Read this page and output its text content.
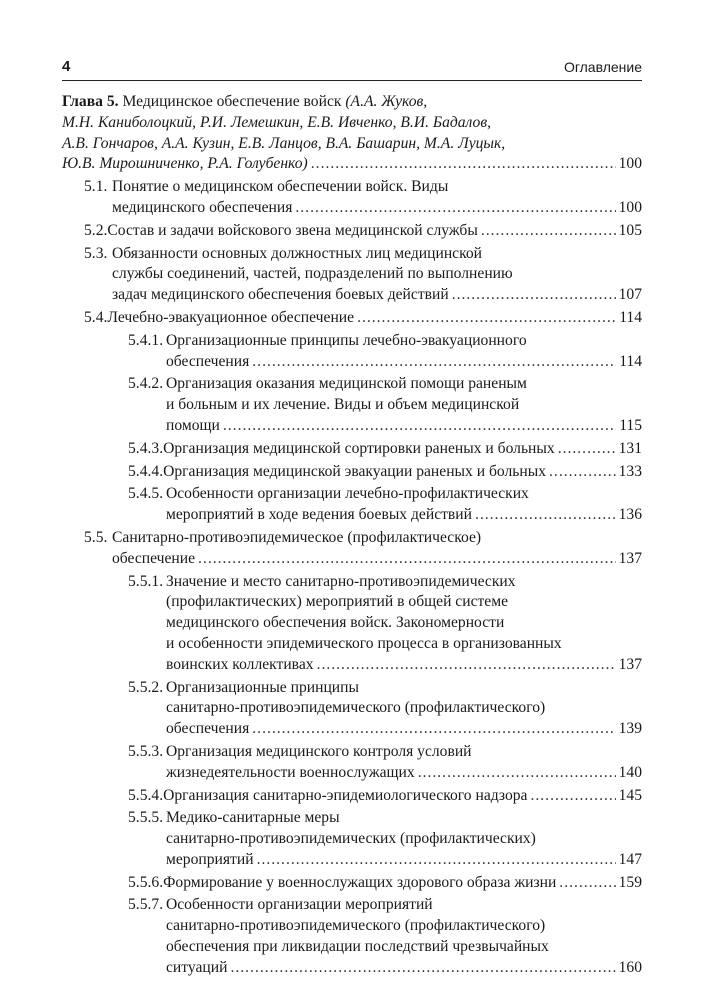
4	Оглавление
Глава 5. Медицинское обеспечение войск (А.А. Жуков,
М.Н. Каниболоцкий, Р.И. Лемешкин, Е.В. Ивченко, В.И. Бадалов,
А.В. Гончаров, А.А. Кузин, Е.В. Ланцов, В.А. Башарин, М.А. Луцык,
Ю.В. Мирошниченко, Р.А. Голубенко) .....	100
5.1. Понятие о медицинском обеспечении войск. Виды
медицинского обеспечения .....	100
5.2. Состав и задачи войскового звена медицинской службы .....	105
5.3. Обязанности основных должностных лиц медицинской
службы соединений, частей, подразделений по выполнению
задач медицинского обеспечения боевых действий .....	107
5.4. Лечебно-эвакуационное обеспечение .....	114
5.4.1. Организационные принципы лечебно-эвакуационного
обеспечения .....	114
5.4.2. Организация оказания медицинской помощи раненым
и больным и их лечение. Виды и объем медицинской
помощи .....	115
5.4.3. Организация медицинской сортировки раненых и больных .....	131
5.4.4. Организация медицинской эвакуации раненых и больных .....	133
5.4.5. Особенности организации лечебно-профилактических
мероприятий в ходе ведения боевых действий .....	136
5.5. Санитарно-противоэпидемическое (профилактическое)
обеспечение .....	137
5.5.1. Значение и место санитарно-противоэпидемических
(профилактических) мероприятий в общей системе
медицинского обеспечения войск. Закономерности
и особенности эпидемического процесса в организованных
воинских коллективах .....	137
5.5.2. Организационные принципы
санитарно-противоэпидемического (профилактического)
обеспечения .....	139
5.5.3. Организация медицинского контроля условий
жизнедеятельности военнослужащих .....	140
5.5.4. Организация санитарно-эпидемиологического надзора .....	145
5.5.5. Медико-санитарные меры
санитарно-противоэпидемических (профилактических)
мероприятий .....	147
5.5.6. Формирование у военнослужащих здорового образа жизни .....	159
5.5.7. Особенности организации мероприятий
санитарно-противоэпидемического (профилактического)
обеспечения при ликвидации последствий чрезвычайных
ситуаций .....	160
